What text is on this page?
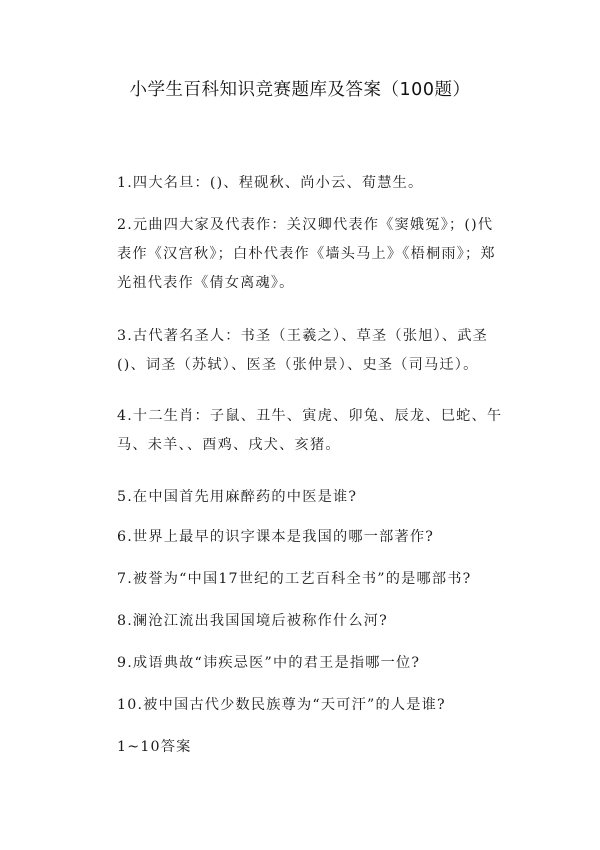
小学生百科知识竞赛题库及答案（100题）

1.四大名旦：()、程砚秋、尚小云、荀慧生。

2.元曲四大家及代表作：关汉卿代表作《窦娥冤》；()代表作《汉宫秋》；白朴代表作《墙头马上》《梧桐雨》；郑光祖代表作《倩女离魂》。

3.古代著名圣人：书圣（王羲之）、草圣（张旭）、武圣()、词圣（苏轼）、医圣（张仲景）、史圣（司马迁）。

4.十二生肖：子鼠、丑牛、寅虎、卯兔、辰龙、巳蛇、午马、未羊、、酉鸡、戌犬、亥猪。

5.在中国首先用麻醉药的中医是谁?

6.世界上最早的识字课本是我国的哪一部著作?

7.被誉为“中国17世纪的工艺百科全书”的是哪部书?

8.澜沧江流出我国国境后被称作什么河?

9.成语典故“讳疾忌医”中的君王是指哪一位?

10.被中国古代少数民族尊为“天可汗”的人是谁?

1~10答案
